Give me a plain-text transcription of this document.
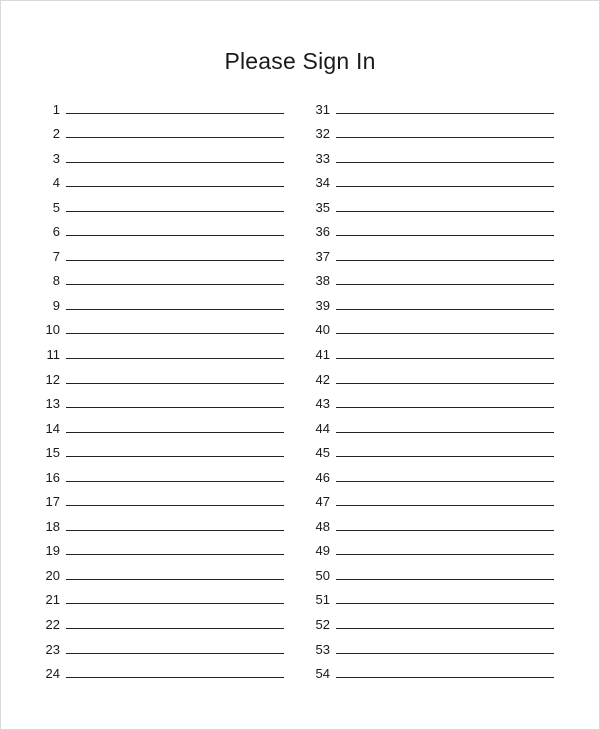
Please Sign In
1
2
3
4
5
6
7
8
9
10
11
12
13
14
15
16
17
18
19
20
21
22
23
24
31
32
33
34
35
36
37
38
39
40
41
42
43
44
45
46
47
48
49
50
51
52
53
54
